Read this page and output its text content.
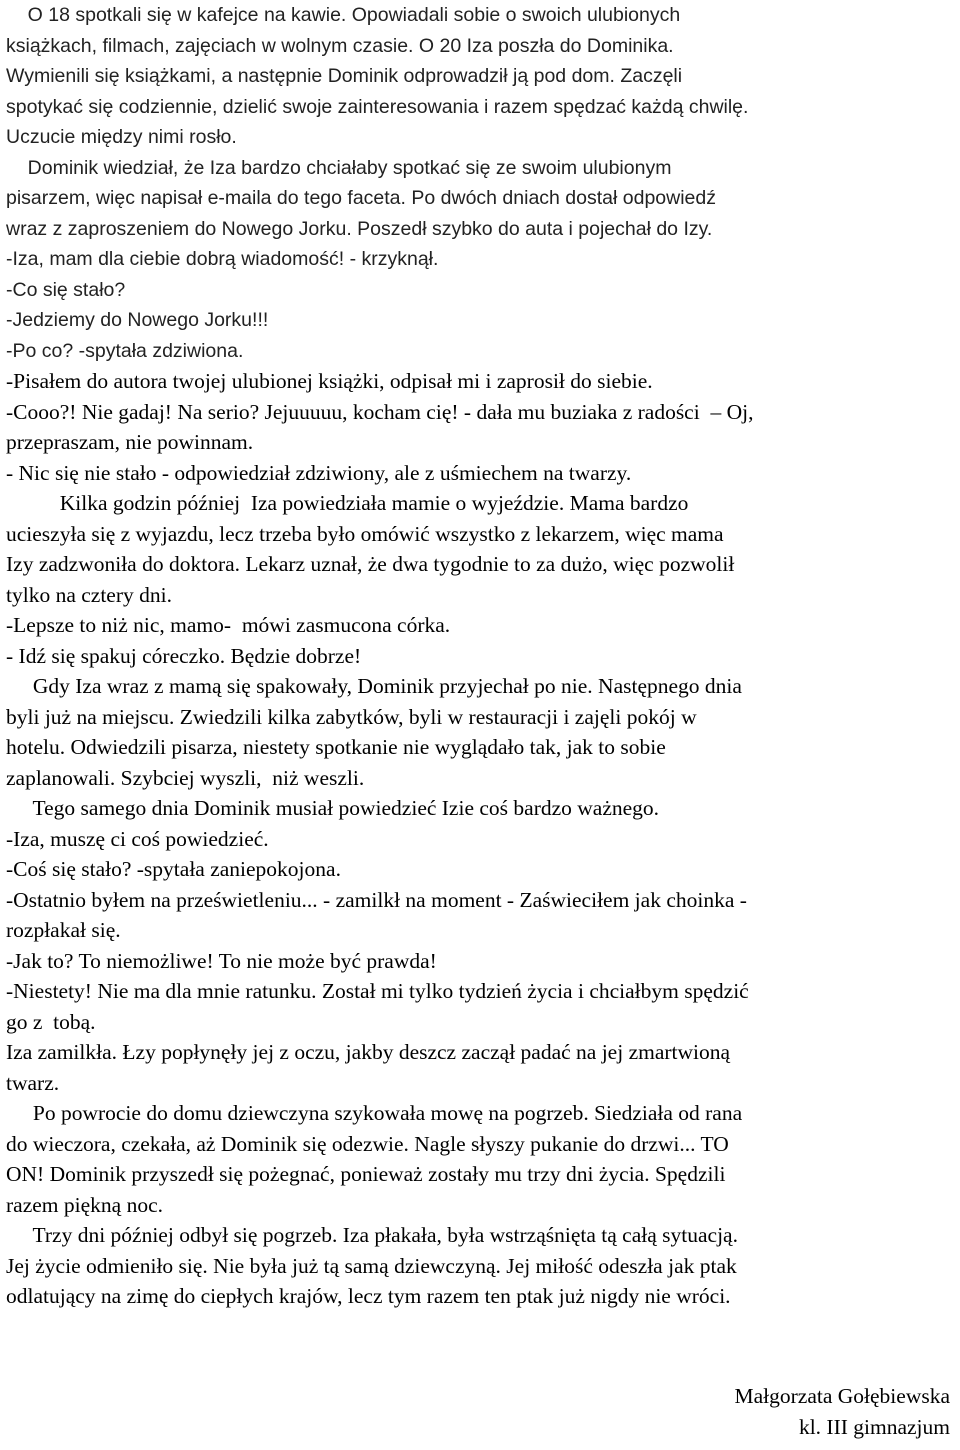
O 18 spotkali się w kafejce na kawie. Opowiadali sobie o swoich ulubionych
książkach, filmach, zajęciach w wolnym czasie. O 20 Iza poszła do Dominika.
Wymienili się książkami, a następnie Dominik odprowadził ją pod dom. Zaczęli
spotykać się codziennie, dzielić swoje zainteresowania i razem spędzać każdą chwilę.
Uczucie między nimi rosło.
Dominik wiedział, że Iza bardzo chciałaby spotkać się ze swoim ulubionym
pisarzem, więc napisał e-maila do tego faceta. Po dwóch dniach dostał odpowiedź
wraz z zaproszeniem do Nowego Jorku. Poszedł szybko do auta i pojechał do Izy.
-Iza, mam dla ciebie dobrą wiadomość! - krzyknął.
-Co się stało?
-Jedziemy do Nowego Jorku!!!
-Po co? -spytała zdziwiona.
-Pisałem do autora twojej ulubionej książki, odpisał mi i zaprosił do siebie.
-Cooo?! Nie gadaj! Na serio? Jejuuuuu, kocham cię! - dała mu buziaka z radości  – Oj,
przepraszam, nie powinnam.
- Nic się nie stało - odpowiedział zdziwiony, ale z uśmiechem na twarzy.
Kilka godzin później  Iza powiedziała mamie o wyjeździe. Mama bardzo
ucieszyła się z wyjazdu, lecz trzeba było omówić wszystko z lekarzem, więc mama
Izy zadzwoniła do doktora. Lekarz uznał, że dwa tygodnie to za dużo, więc pozwolił
tylko na cztery dni.
-Lepsze to niż nic, mamo-  mówi zasmucona córka.
- Idź się spakuj córeczko. Będzie dobrze!
Gdy Iza wraz z mamą się spakowały, Dominik przyjechał po nie. Następnego dnia
byli już na miejscu. Zwiedzili kilka zabytków, byli w restauracji i zajęli pokój w
hotelu. Odwiedzili pisarza, niestety spotkanie nie wyglądało tak, jak to sobie
zaplanowali. Szybciej wyszli,  niż weszli.
Tego samego dnia Dominik musiał powiedzieć Izie coś bardzo ważnego.
-Iza, muszę ci coś powiedzieć.
-Coś się stało? -spytała zaniepokojona.
-Ostatnio byłem na prześwietleniu... - zamilkł na moment - Zaświeciłem jak choinka -
rozpłakał się.
-Jak to? To niemożliwe! To nie może być prawda!
-Niestety! Nie ma dla mnie ratunku. Został mi tylko tydzień życia i chciałbym spędzić
go z  tobą.
Iza zamilkła. Łzy popłynęły jej z oczu, jakby deszcz zaczął padać na jej zmartwioną
twarz.
Po powrocie do domu dziewczyna szykowała mowę na pogrzeb. Siedziała od rana
do wieczora, czekała, aż Dominik się odezwie. Nagle słyszy pukanie do drzwi... TO
ON! Dominik przyszedł się pożegnać, ponieważ zostały mu trzy dni życia. Spędzili
razem piękną noc.
Trzy dni później odbył się pogrzeb. Iza płakała, była wstrząśnięta tą całą sytuacją.
Jej życie odmieniło się. Nie była już tą samą dziewczyną. Jej miłość odeszła jak ptak
odlatujący na zimę do ciepłych krajów, lecz tym razem ten ptak już nigdy nie wróci.
Małgorzata Gołębiewska
kl. III gimnazjum
